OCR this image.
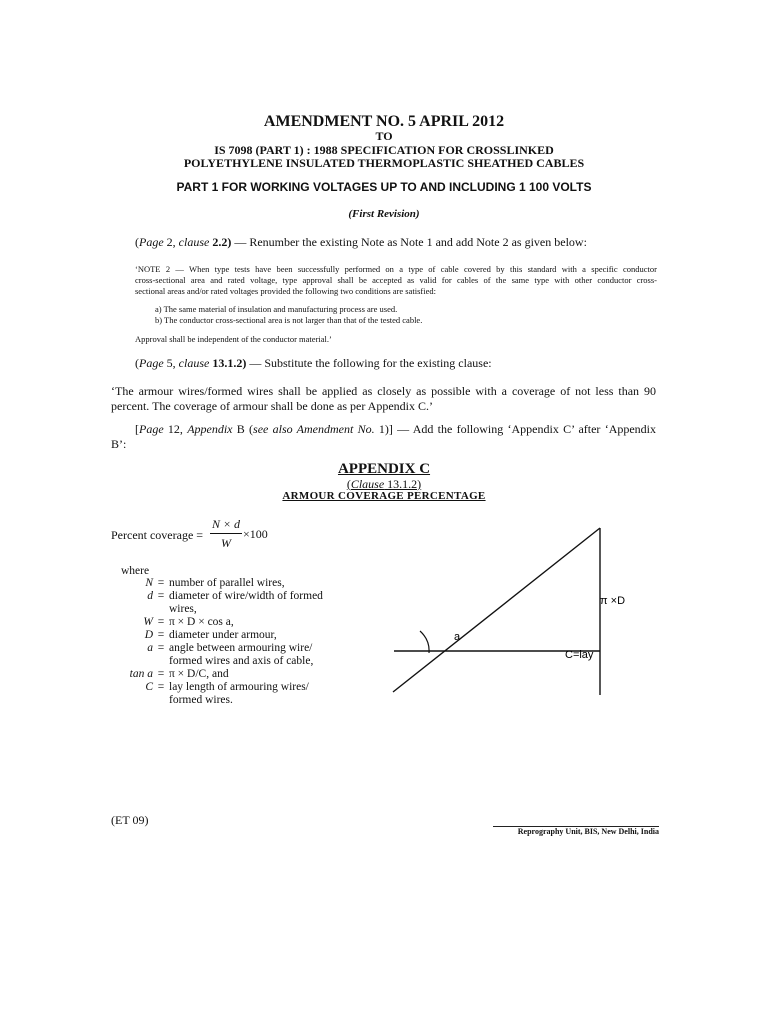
AMENDMENT NO. 5 APRIL 2012
TO
IS 7098 (PART 1) : 1988 SPECIFICATION FOR CROSSLINKED
POLYETHYLENE INSULATED THERMOPLASTIC SHEATHED CABLES
PART 1 FOR WORKING VOLTAGES UP TO AND INCLUDING 1 100 VOLTS
(First Revision)
(Page 2, clause 2.2) — Renumber the existing Note as Note 1 and add Note 2 as given below:
‘NOTE 2 — When type tests have been successfully performed on a type of cable covered by this standard with a specific conductor
cross-sectional area and rated voltage, type approval shall be accepted as valid for cables of the same type with other conductor cross-
sectional areas and/or rated voltages provided the following two conditions are satisfied:
a) The same material of insulation and manufacturing process are used.
b) The conductor cross-sectional area is not larger than that of the tested cable.
Approval shall be independent of the conductor material.’
(Page 5, clause 13.1.2) — Substitute the following for the existing clause:
‘The armour wires/formed wires shall be applied as closely as possible with a coverage of not less than 90
percent. The coverage of armour shall be done as per Appendix C.’
[Page 12, Appendix B (see also Amendment No. 1)] — Add the following ‘Appendix C’ after ‘Appendix
B’:
APPENDIX C
(Clause 13.1.2)
ARMOUR COVERAGE PERCENTAGE
Percent coverage =
N × d
W
×100
where
N = number of parallel wires,
d = diameter of wire/width of formed
wires,
W = π × D × cos a,
D = diameter under armour,
a = angle between armouring wire/
formed wires and axis of cable,
tan a = π × D/C, and
C = lay length of armouring wires/
formed wires.
a
C=lay
π ×D
(ET 09)
Reprography Unit, BIS, New Delhi, India
